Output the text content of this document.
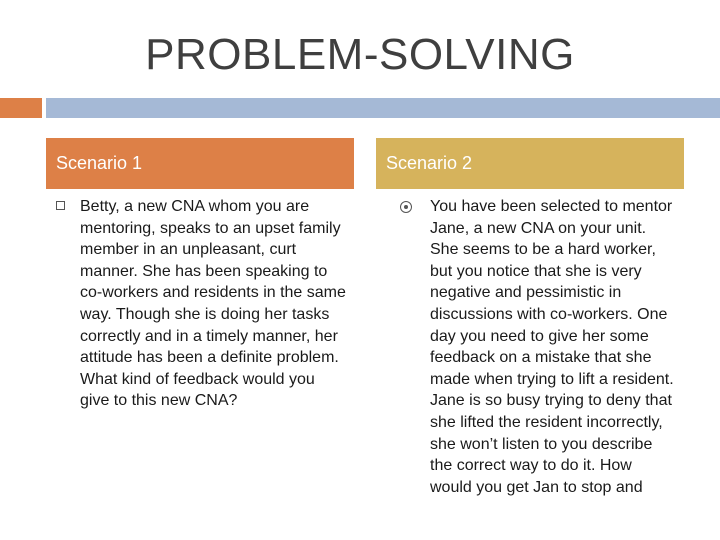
PROBLEM-SOLVING
Scenario 1	Scenario 2
Betty, a new CNA whom you are mentoring, speaks to an upset family member in an unpleasant, curt manner. She has been speaking to co-workers and residents in the same way. Though she is doing her tasks correctly and in a timely manner, her attitude has been a definite problem. What kind of feedback would you give to this new CNA?
You have been selected to mentor Jane, a new CNA on your unit. She seems to be a hard worker, but you notice that she is very negative and pessimistic in discussions with co-workers. One day you need to give her some feedback on a mistake that she made when trying to lift a resident. Jane is so busy trying to deny that she lifted the resident incorrectly, she won’t listen to you describe the correct way to do it. How would you get Jan to stop and
